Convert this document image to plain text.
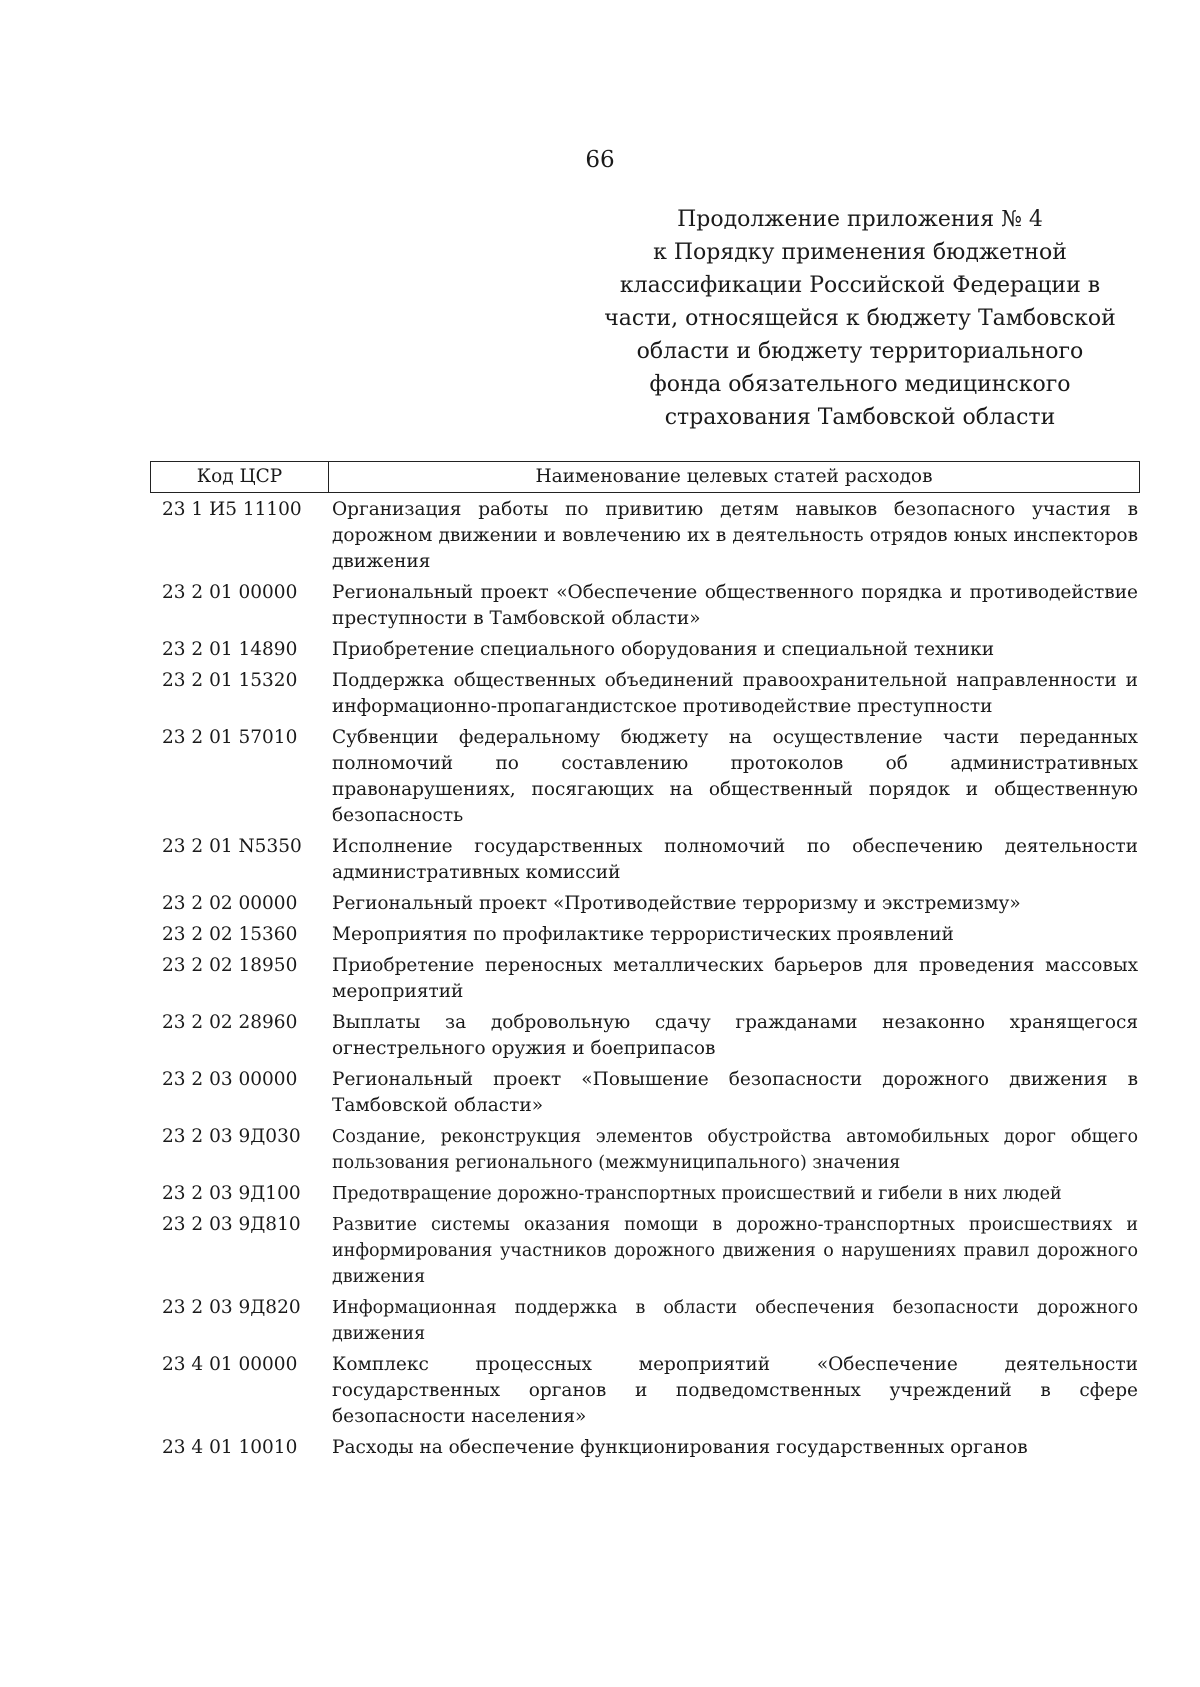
66
Продолжение приложения № 4
к Порядку применения бюджетной
классификации Российской Федерации в
части, относящейся к бюджету Тамбовской
области и бюджету территориального
фонда обязательного медицинского
страхования Тамбовской области
Код ЦСР	Наименование целевых статей расходов
23 1 И5 11100	Организация работы по привитию детям навыков безопасного участия в дорожном движении и вовлечению их в деятельность отрядов юных инспекторов движения
23 2 01 00000	Региональный проект «Обеспечение общественного порядка и противодействие преступности в Тамбовской области»
23 2 01 14890	Приобретение специального оборудования и специальной техники
23 2 01 15320	Поддержка общественных объединений правоохранительной направленности и информационно-пропагандистское противодействие преступности
23 2 01 57010	Субвенции федеральному бюджету на осуществление части переданных полномочий по составлению протоколов об административных правонарушениях, посягающих на общественный порядок и общественную безопасность
23 2 01 N5350	Исполнение государственных полномочий по обеспечению деятельности административных комиссий
23 2 02 00000	Региональный проект «Противодействие терроризму и экстремизму»
23 2 02 15360	Мероприятия по профилактике террористических проявлений
23 2 02 18950	Приобретение переносных металлических барьеров для проведения массовых мероприятий
23 2 02 28960	Выплаты за добровольную сдачу гражданами незаконно хранящегося огнестрельного оружия и боеприпасов
23 2 03 00000	Региональный проект «Повышение безопасности дорожного движения в Тамбовской области»
23 2 03 9Д030	Создание, реконструкция элементов обустройства автомобильных дорог общего пользования регионального (межмуниципального) значения
23 2 03 9Д100	Предотвращение дорожно-транспортных происшествий и гибели в них людей
23 2 03 9Д810	Развитие системы оказания помощи в дорожно-транспортных происшествиях и информирования участников дорожного движения о нарушениях правил дорожного движения
23 2 03 9Д820	Информационная поддержка в области обеспечения безопасности дорожного движения
23 4 01 00000	Комплекс процессных мероприятий «Обеспечение деятельности государственных органов и подведомственных учреждений в сфере безопасности населения»
23 4 01 10010	Расходы на обеспечение функционирования государственных органов
